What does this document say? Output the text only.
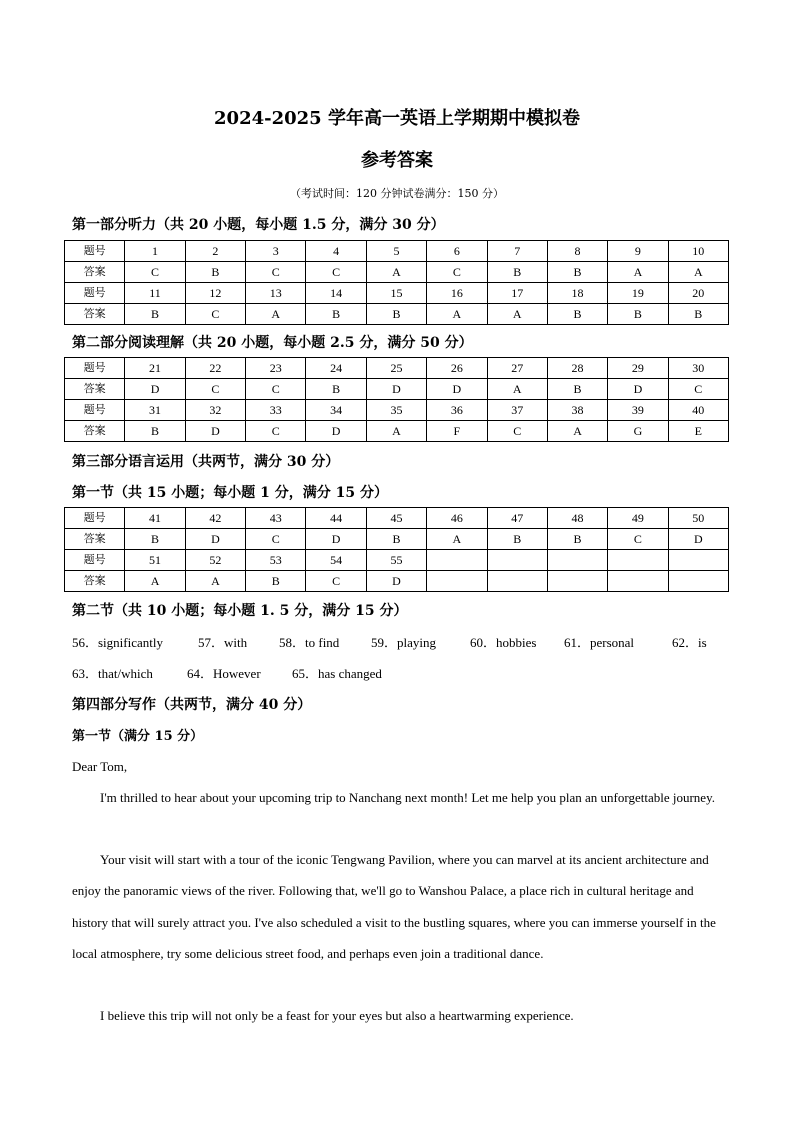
2024-2025 学年高一英语上学期期中模拟卷
参考答案
（考试时间：120 分钟试卷满分：150 分）
第一部分听力（共 20 小题，每小题 1.5 分，满分 30 分）
题号	1	2	3	4	5	6	7	8	9	10
答案	C	B	C	C	A	C	B	B	A	A
题号	11	12	13	14	15	16	17	18	19	20
答案	B	C	A	B	B	A	A	B	B	B
第二部分阅读理解（共 20 小题，每小题 2.5 分，满分 50 分）
题号	21	22	23	24	25	26	27	28	29	30
答案	D	C	C	B	D	D	A	B	D	C
题号	31	32	33	34	35	36	37	38	39	40
答案	B	D	C	D	A	F	C	A	G	E
第三部分语言运用（共两节，满分 30 分）
第一节（共 15 小题；每小题 1 分，满分 15 分）
题号	41	42	43	44	45	46	47	48	49	50
答案	B	D	C	D	B	A	B	B	C	D
题号	51	52	53	54	55					
答案	A	A	B	C	D					
第二节（共 10 小题；每小题 1. 5 分，满分 15 分）
56．significantly	57．with 58．to find 59．playing	60．hobbies 61．personal	62．is
63．that/which	64．However 65．has changed
第四部分写作（共两节，满分 40 分）
第一节（满分 15 分）
Dear Tom,
I'm thrilled to hear about your upcoming trip to Nanchang next month! Let me help you plan an unforgettable journey.
Your visit will start with a tour of the iconic Tengwang Pavilion, where you can marvel at its ancient architecture and enjoy the panoramic views of the river. Following that, we'll go to Wanshou Palace, a place rich in cultural heritage and history that will surely attract you. I've also scheduled a visit to the bustling squares, where you can immerse yourself in the local atmosphere, try some delicious street food, and perhaps even join a traditional dance.
I believe this trip will not only be a feast for your eyes but also a heartwarming experience.
